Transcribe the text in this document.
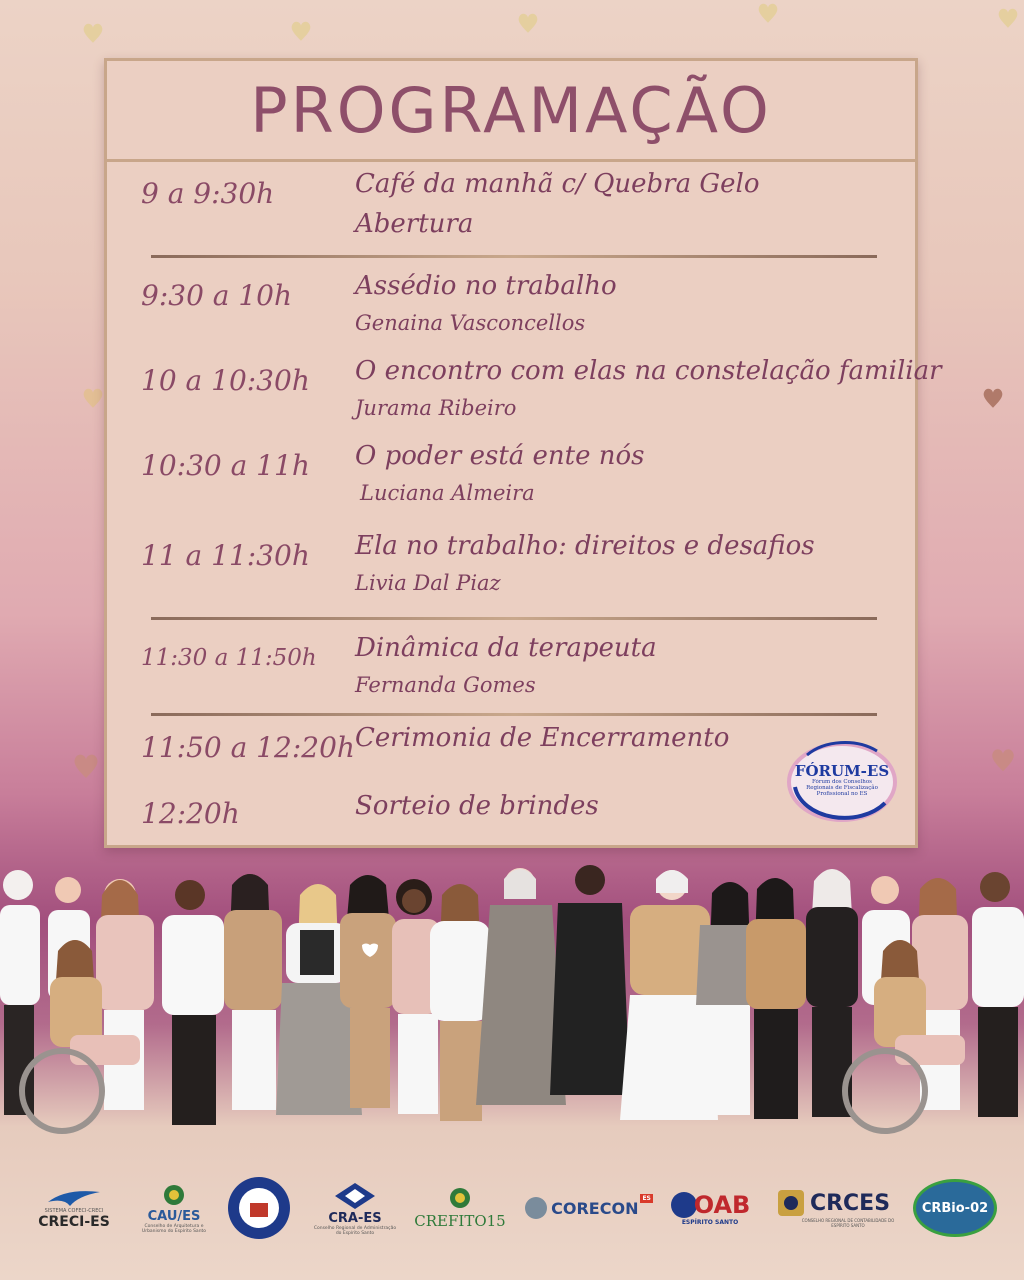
PROGRAMAÇÃO
9 a 9:30h	Café da manhã c/ Quebra Gelo
Abertura
9:30 a 10h Assédio no trabalho
Genaina Vasconcellos
10 a 10:30h O encontro com elas na constelação familiar
Jurama Ribeiro
10:30 a 11h O poder está ente nós
Luciana Almeira
11 a 11:30h Ela no trabalho: direitos e desafios
Livia Dal Piaz
11:30 a 11:50h Dinâmica da terapeuta
Fernanda Gomes
11:50 a 12:20h Cerimonia de Encerramento
12:20h	Sorteio de brindes
FÓRUM-ES
Fórum dos Conselhos Regionais de Fiscalização Profissional no ES
SISTEMA COFECI-CRECI
CRECI-ES	CAU/ES
Conselho de Arquitetura e Urbanismo do Espírito Santo
CRA-ES
Conselho Regional de Administração do Espírito Santo
CREFITO15
CORECON ES OAB
ESPÍRITO SANTO
CRCES
CONSELHO REGIONAL DE CONTABILIDADE DO ESPÍRITO SANTO
CRBio-02
